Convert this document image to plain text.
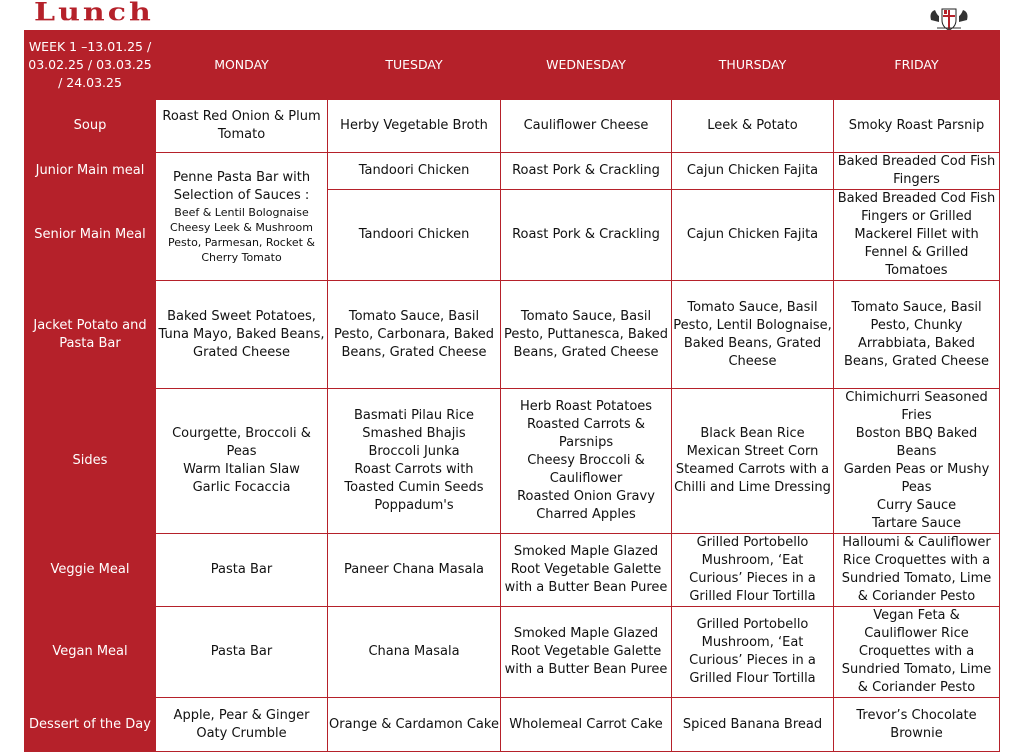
Lunch
WEEK 1 –13.01.25 / 03.02.25 / 03.03.25 / 24.03.25	MONDAY	TUESDAY	WEDNESDAY	THURSDAY	FRIDAY
Soup	Roast Red Onion & Plum Tomato	Herby Vegetable Broth	Cauliflower Cheese	Leek & Potato	Smoky Roast Parsnip
Junior Main meal	Penne Pasta Bar with Selection of Sauces :
Beef & Lentil Bolognaise
Cheesy Leek & Mushroom
Pesto, Parmesan, Rocket & Cherry Tomato	Tandoori Chicken	Roast Pork & Crackling	Cajun Chicken Fajita	Baked Breaded Cod Fish Fingers
Senior Main Meal		Tandoori Chicken	Roast Pork & Crackling	Cajun Chicken Fajita	Baked Breaded Cod Fish Fingers or Grilled Mackerel Fillet with Fennel & Grilled Tomatoes
Jacket Potato and Pasta Bar	Baked Sweet Potatoes, Tuna Mayo, Baked Beans, Grated Cheese	Tomato Sauce, Basil Pesto, Carbonara, Baked Beans, Grated Cheese	Tomato Sauce, Basil Pesto, Puttanesca, Baked Beans, Grated Cheese	Tomato Sauce, Basil Pesto, Lentil Bolognaise, Baked Beans, Grated Cheese	Tomato Sauce, Basil Pesto, Chunky Arrabbiata, Baked Beans, Grated Cheese
Sides	Courgette, Broccoli & Peas
Warm Italian Slaw
Garlic Focaccia	Basmati Pilau Rice
Smashed Bhajis
Broccoli Junka
Roast Carrots with Toasted Cumin Seeds
Poppadum's	Herb Roast Potatoes
Roasted Carrots & Parsnips
Cheesy Broccoli & Cauliflower
Roasted Onion Gravy
Charred Apples	Black Bean Rice
Mexican Street Corn
Steamed Carrots with a Chilli and Lime Dressing	Chimichurri Seasoned Fries
Boston BBQ Baked Beans
Garden Peas or Mushy Peas
Curry Sauce
Tartare Sauce

Veggie Meal	Pasta Bar	Paneer Chana Masala	Smoked Maple Glazed Root Vegetable Galette with a Butter Bean Puree	Grilled Portobello Mushroom, ‘Eat Curious’ Pieces in a Grilled Flour Tortilla	Halloumi & Cauliflower Rice Croquettes with a Sundried Tomato, Lime & Coriander Pesto
Vegan Meal	Pasta Bar	Chana Masala	Smoked Maple Glazed Root Vegetable Galette with a Butter Bean Puree	Grilled Portobello Mushroom, ‘Eat Curious’ Pieces in a Grilled Flour Tortilla	Vegan Feta & Cauliflower Rice Croquettes with a Sundried Tomato, Lime & Coriander Pesto
Dessert of the Day	Apple, Pear & Ginger Oaty Crumble	Orange & Cardamon Cake	Wholemeal Carrot Cake	Spiced Banana Bread	Trevor’s Chocolate Brownie
